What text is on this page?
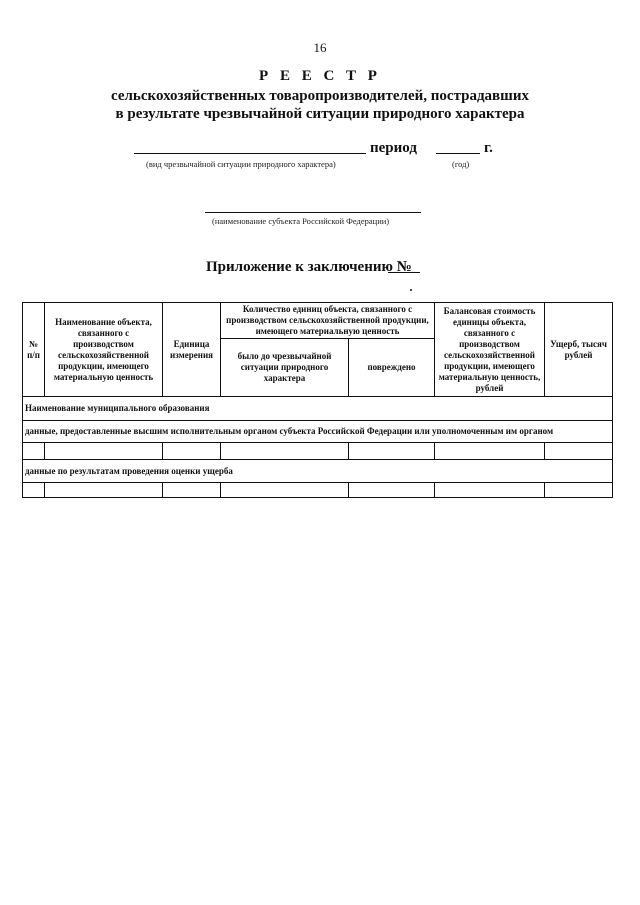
16
Р Е Е С Т Р
сельскохозяйственных товаропроизводителей, пострадавших
в результате чрезвычайной ситуации природного характера
период	г.
(вид чрезвычайной ситуации природного характера)	(год)
(наименование субъекта Российской Федерации)
Приложение к заключению №
№ п/п	Наименование объекта, связанного с производством сельскохозяйственной продукции, имеющего материальную ценность	Единица измерения	Количество единиц объекта, связанного с производством сельскохозяйственной продукции, имеющего материальную ценность		Балансовая стоимость единицы объекта, связанного с производством сельскохозяйственной продукции, имеющего материальную ценность, рублей	Ущерб, тысяч рублей
			было до чрезвычайной ситуации природного характера	повреждено		
Наименование муниципального образования						
данные, предоставленные высшим исполнительным органом субъекта Российской Федерации или уполномоченным им органом						

данные по результатам проведения оценки ущерба						
